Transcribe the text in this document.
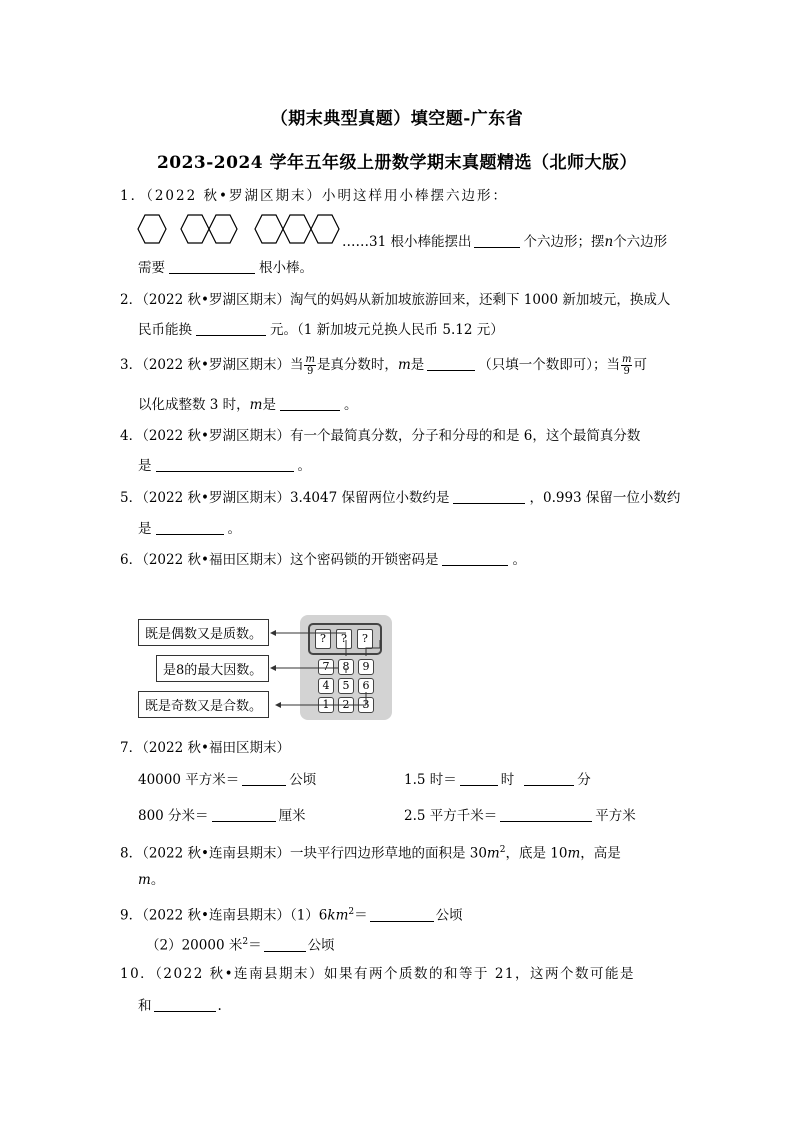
（期末典型真题）填空题-广东省
2023-2024 学年五年级上册数学期末真题精选（北师大版）
1．（2022 秋•罗湖区期末）小明这样用小棒摆六边形：
……31 根小棒能摆出	个六边形；摆n个六边形
需要	根小棒。
2．（2022 秋•罗湖区期末）淘气的妈妈从新加坡旅游回来，还剩下 1000 新加坡元，换成人
民币能换	元。（1 新加坡元兑换人民币 5.12 元）
3．（2022 秋•罗湖区期末）当 $\frac{m}{9}$ 是真分数时，m是	（只填一个数即可）；当 $\frac{m}{9}$ 可
以化成整数 3 时，m是	。
4．（2022 秋•罗湖区期末）有一个最简真分数，分子和分母的和是 6，这个最简真分数
是	。
5．（2022 秋•罗湖区期末）3.4047 保留两位小数约是	，0.993 保留一位小数约
是	。
6．（2022 秋•福田区期末）这个密码锁的开锁密码是	。
既是偶数又是质数。
是8的最大因数。
既是奇数又是合数。
?	?	?
7	8	9
4	5	6
1	2	3
7．（2022 秋•福田区期末）
40000 平方米＝	公顷	1.5 时＝	时	分
800 分米＝	厘米	2.5 平方千米＝	平方米
8．（2022 秋•连南县期末）一块平行四边形草地的面积是 $30m^2$，底是 10m，高是
m。
9．（2022 秋•连南县期末）$(1)6km^2=$	公顷
（2）20000 米$^2$＝	公顷
10．（2022 秋•连南县期末）如果有两个质数的和等于 21，这两个数可能是
和	.
